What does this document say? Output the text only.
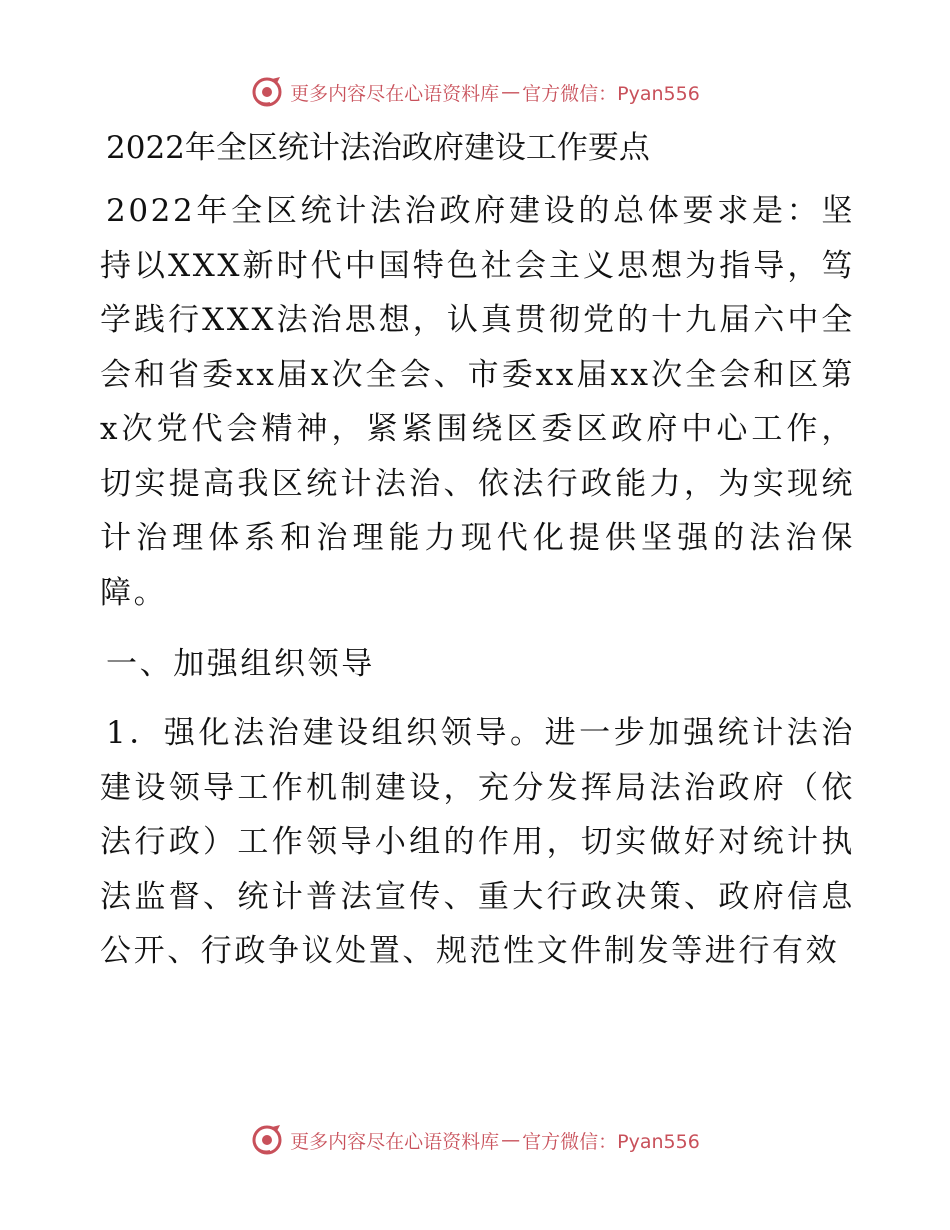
更多内容尽在心语资料库 — 官方微信：Pyan556
2022年全区统计法治政府建设工作要点

2022年全区统计法治政府建设的总体要求是：坚持以XXX新时代中国特色社会主义思想为指导，笃学践行XXX法治思想，认真贯彻党的十九届六中全会和省委xx届x次全会、市委xx届xx次全会和区第x次党代会精神，紧紧围绕区委区政府中心工作，切实提高我区统计法治、依法行政能力，为实现统计治理体系和治理能力现代化提供坚强的法治保障。

一、加强组织领导

1．强化法治建设组织领导。进一步加强统计法治建设领导工作机制建设，充分发挥局法治政府（依法行政）工作领导小组的作用，切实做好对统计执法监督、统计普法宣传、重大行政决策、政府信息公开、行政争议处置、规范性文件制发等进行有效

更多内容尽在心语资料库 — 官方微信：Pyan556
